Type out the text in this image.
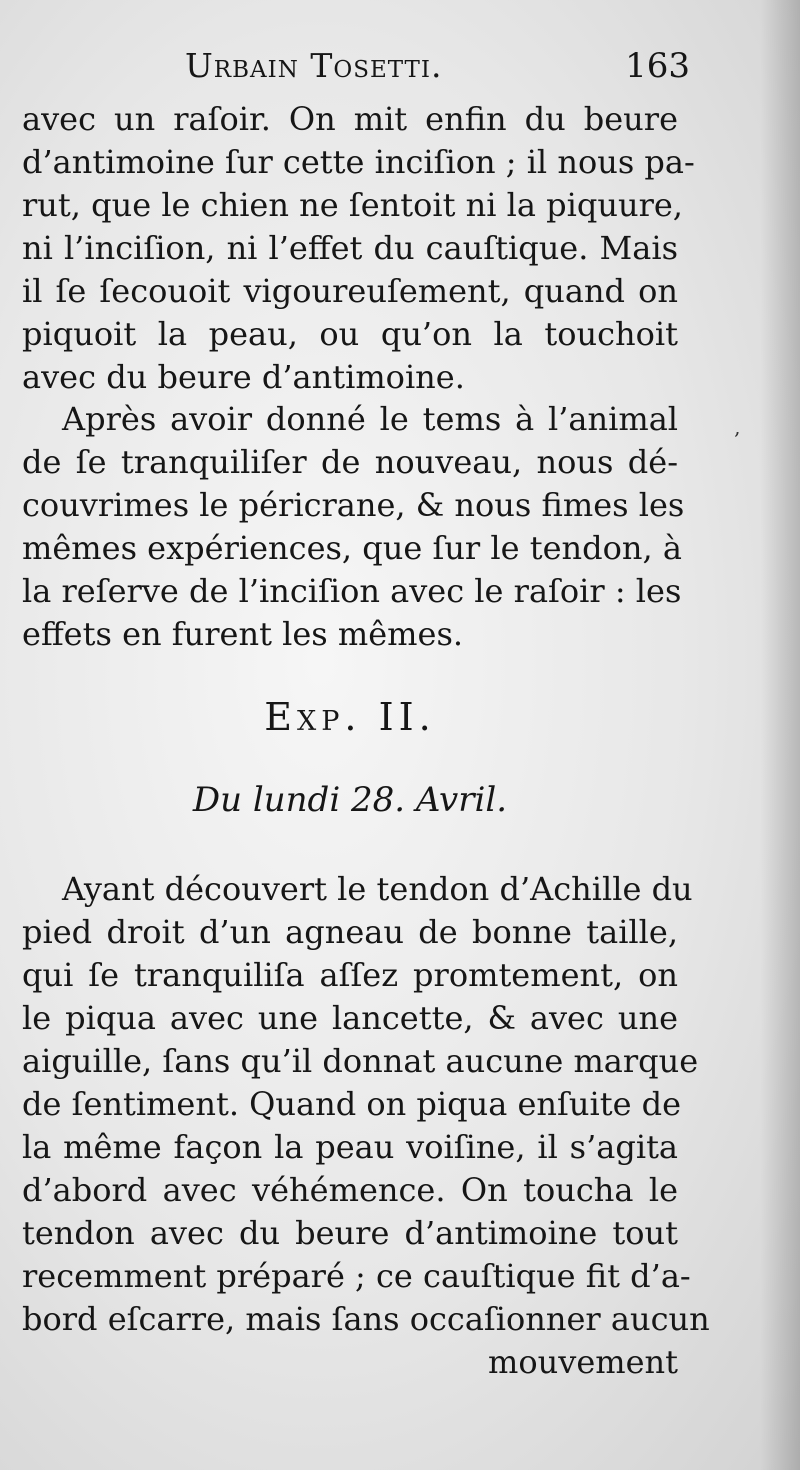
Urbain Tosetti.	163
avec un raſoir. On mit enfin du beure
d’antimoine ſur cette inciſion ; il nous pa-
rut, que le chien ne ſentoit ni la piquure,
ni l’inciſion, ni l’effet du cauſtique. Mais
il ſe ſecouoit vigoureuſement, quand on
piquoit la peau, ou qu’on la touchoit
avec du beure d’antimoine.
‚
Après avoir donné le tems à l’animal
de ſe tranquiliſer de nouveau, nous dé-
couvrimes le péricrane, & nous fimes les
mêmes expériences, que ſur le tendon, à
la reſerve de l’inciſion avec le raſoir : les
effets en furent les mêmes.
Exp. II.
Du lundi 28. Avril.
Ayant découvert le tendon d’Achille du
pied droit d’un agneau de bonne taille,
qui ſe tranquiliſa aſſez promtement, on
le piqua avec une lancette, & avec une
aiguille, ſans qu’il donnat aucune marque
de ſentiment. Quand on piqua enſuite de
la même façon la peau voiſine, il s’agita
d’abord avec véhémence. On toucha le
tendon avec du beure d’antimoine tout
recemment préparé ; ce cauſtique fit d’a-
bord eſcarre, mais ſans occaſionner aucun
mouvement
